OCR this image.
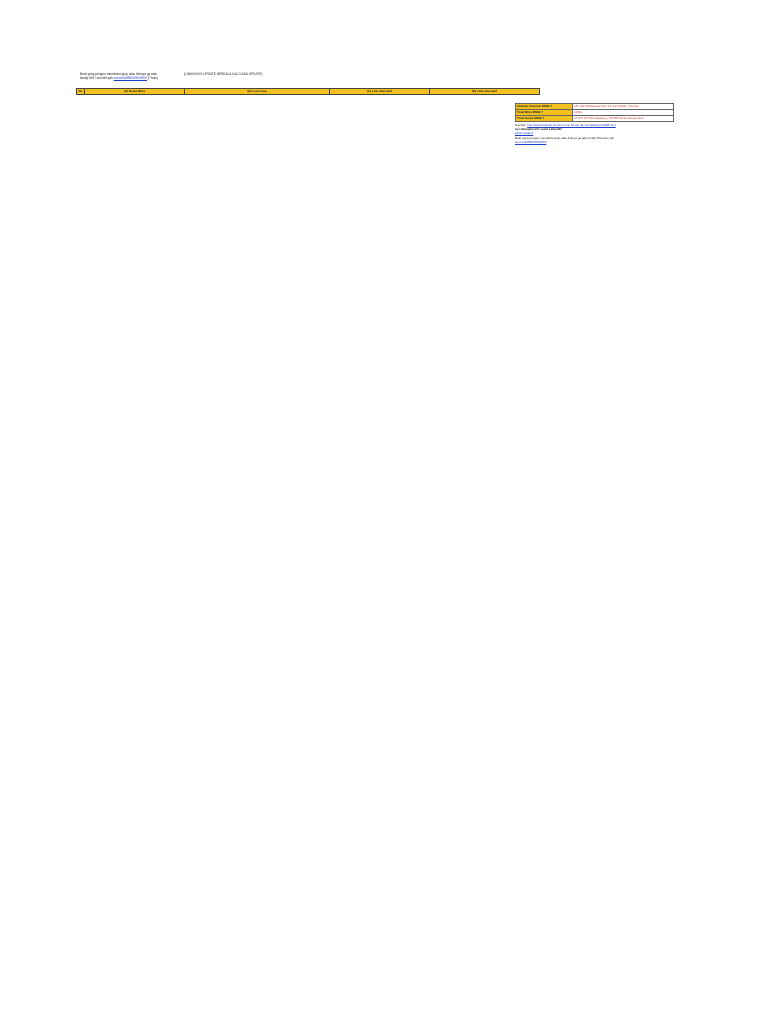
Buat yang pengen membuka grup atau linknya gs ada,
kindly DM / wa edit yah wa.me/6285000000000 (Thule)
(LINKNYA DI UPDATE BERKALA KALO ADA UPDATE)
No	(A) Nama Mitra	(B) Link Grup	(C) Link Alternatif	(D) Link Alternatif
Statistic Pelamar MSIB 7	187.342 Mahasiswa (Per 13 Juni 2024) | Sumber
Total Mitra MSIB 7	1200+
Total Kuota MSIB 7	47.874 (10.619 Magang + 36.366 Studi Independen)
Sumber: http://www.linkedin.com/in/ (Link Group dan tersedianya MSIB sini)
Ayo Mutualan IG! sama LinkedIn!
@dimuzakeni
Buat yang pengen membuka grup atau linknya gs ada, kindly DM atau yah
wa.me/6285000000000
